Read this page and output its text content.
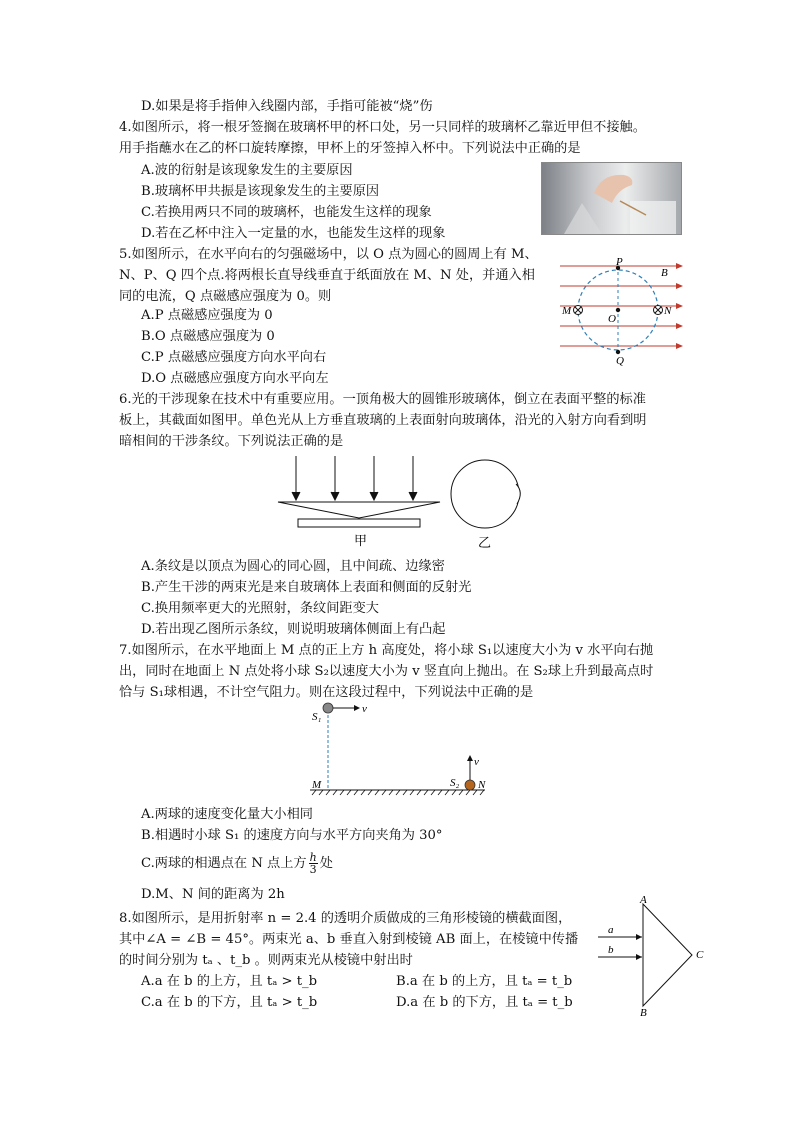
D.如果是将手指伸入线圈内部，手指可能被“烧”伤
4.如图所示，将一根牙签搁在玻璃杯甲的杯口处，另一只同样的玻璃杯乙靠近甲但不接触。
用手指蘸水在乙的杯口旋转摩擦，甲杯上的牙签掉入杯中。下列说法中正确的是
A.波的衍射是该现象发生的主要原因
B.玻璃杯甲共振是该现象发生的主要原因
C.若换用两只不同的玻璃杯，也能发生这样的现象
D.若在乙杯中注入一定量的水，也能发生这样的现象
5.如图所示，在水平向右的匀强磁场中，以 O 点为圆心的圆周上有 M、
N、P、Q 四个点.将两根长直导线垂直于纸面放在 M、N 处，并通入相
同的电流，Q 点磁感应强度为 0。则
A.P 点磁感应强度为 0
B.O 点磁感应强度为 0
C.P 点磁感应强度方向水平向右
D.O 点磁感应强度方向水平向左
P
B
M	N
O
Q
6.光的干涉现象在技术中有重要应用。一顶角极大的圆锥形玻璃体，倒立在表面平整的标准
板上，其截面如图甲。单色光从上方垂直玻璃的上表面射向玻璃体，沿光的入射方向看到明
暗相间的干涉条纹。下列说法正确的是
甲	乙
A.条纹是以顶点为圆心的同心圆，且中间疏、边缘密
B.产生干涉的两束光是来自玻璃体上表面和侧面的反射光
C.换用频率更大的光照射，条纹间距变大
D.若出现乙图所示条纹，则说明玻璃体侧面上有凸起
7.如图所示，在水平地面上 M 点的正上方 h 高度处，将小球 S₁以速度大小为 v 水平向右抛
出，同时在地面上 N 点处将小球 S₂以速度大小为 v 竖直向上抛出。在 S₂球上升到最高点时
恰与 S₁球相遇，不计空气阻力。则在这段过程中，下列说法中正确的是
S₁
v
v
S₂ N
M
A.两球的速度变化量大小相同
B.相遇时小球 S₁ 的速度方向与水平方向夹角为 30°
C.两球的相遇点在 N 点上方 $\frac{h}{3}$ 处
D.M、N 间的距离为 2h
8.如图所示，是用折射率 n = 2.4 的透明介质做成的三角形棱镜的横截面图，
其中∠A = ∠B = 45°。两束光 a、b 垂直入射到棱镜 AB 面上，在棱镜中传播
的时间分别为 tₐ 、t_b 。则两束光从棱镜中射出时
A.a 在 b 的上方，且 tₐ > t_b	B.a 在 b 的上方，且 tₐ = t_b
C.a 在 b 的下方，且 tₐ > t_b	D.a 在 b 的下方，且 tₐ = t_b
A
B
C
a
b
